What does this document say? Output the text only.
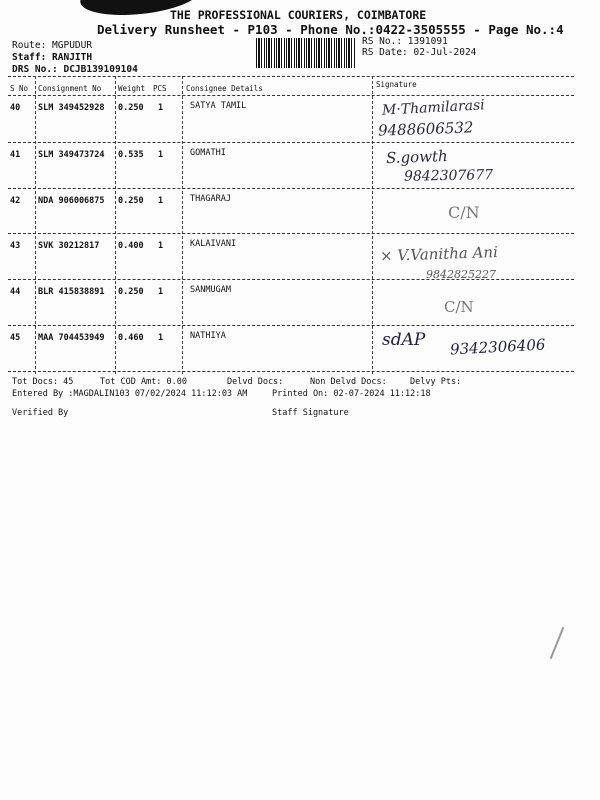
THE PROFESSIONAL COURIERS, COIMBATORE
Delivery Runsheet - P103 - Phone No.:0422-3505555 - Page No.:4
Route: MGPUDUR
Staff: RANJITH
DRS No.: DCJB139109104
RS No.: 1391091
RS Date: 02-Jul-2024
S No Consignment No Weight PCS	Consignee Details	Signature
40 SLM 349452928 0.250 1	SATYA TAMIL	M·Thamilarasi
9488606532
41 SLM 349473724 0.535 1	GOMATHI	S.gowth
9842307677
42 NDA 906006875 0.250 1	THAGARAJ
C/N
43 SVK 30212817 0.400 1	KALAIVANI	× V.Vanitha Ani
9842825227
44 BLR 415838891 0.250 1	SANMUGAM
C/N
45 MAA 704453949 0.460 1	NATHIYA	sdAP 9342306406
Tot Docs: 45	Tot COD Amt: 0.00	Delvd Docs:	Non Delvd Docs:	Delvy Pts:
Entered By :MAGDALIN103 07/02/2024 11:12:03 AM	Printed On: 02-07-2024 11:12:18
Verified By	Staff Signature
